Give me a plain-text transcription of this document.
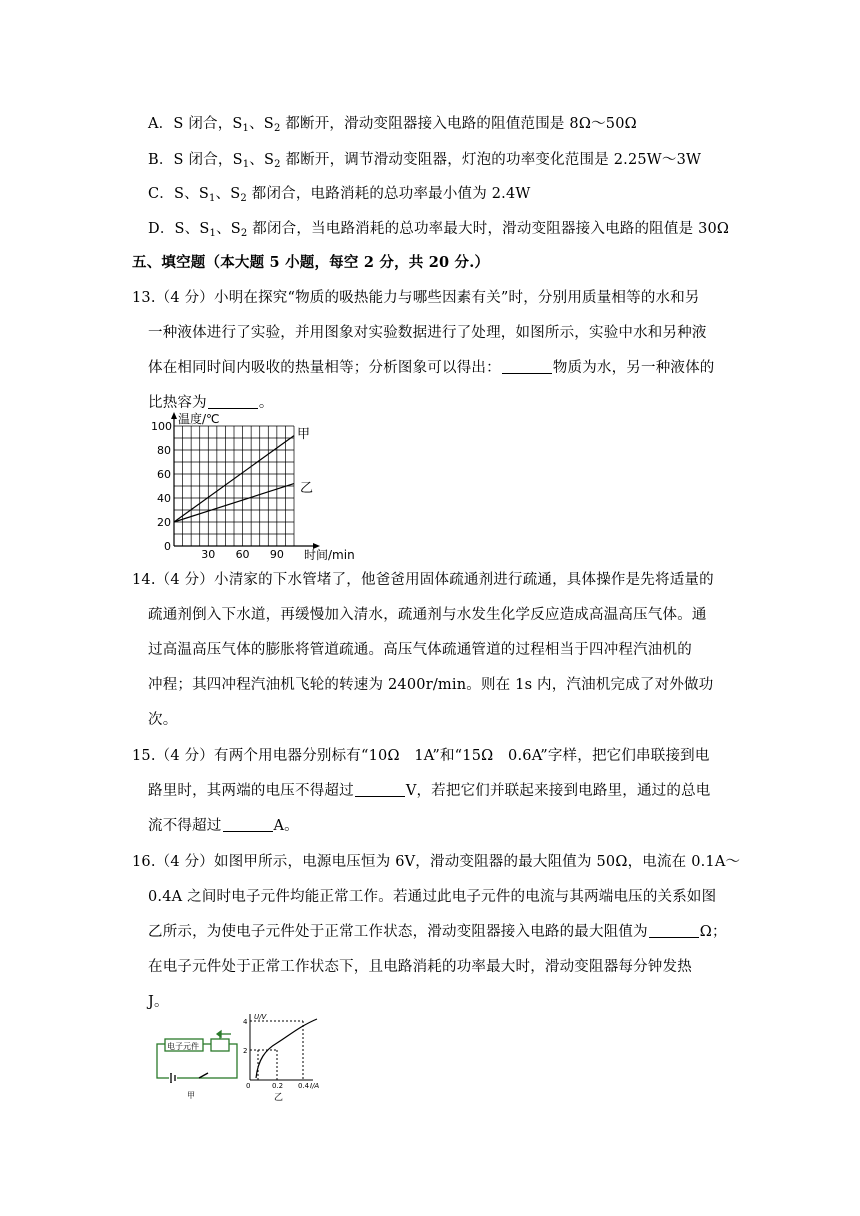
A．S 闭合，$S_1$、$S_2$ 都断开，滑动变阻器接入电路的阻值范围是 8Ω～50Ω
B．S 闭合，$S_1$、$S_2$ 都断开，调节滑动变阻器，灯泡的功率变化范围是 2.25W～3W
C．S、$S_1$、$S_2$ 都闭合，电路消耗的总功率最小值为 2.4W
D．S、$S_1$、$S_2$ 都闭合，当电路消耗的总功率最大时，滑动变阻器接入电路的阻值是 30Ω
五、填空题（本大题 5 小题，每空 2 分，共 20 分.）
13.（4 分）小明在探究“物质的吸热能力与哪些因素有关”时，分别用质量相等的水和另
一种液体进行了实验，并用图象对实验数据进行了处理，如图所示，实验中水和另种液
体在相同时间内吸收的热量相等；分析图象可以得出：	物质为水，另一种液体的
比热容为	。
温度/℃
时间/min
100
80
60
40
20
0
30 60 90
甲
乙
14.（4 分）小清家的下水管堵了，他爸爸用固体疏通剂进行疏通，具体操作是先将适量的
疏通剂倒入下水道，再缓慢加入清水，疏通剂与水发生化学反应造成高温高压气体。通
过高温高压气体的膨胀将管道疏通。高压气体疏通管道的过程相当于四冲程汽油机的
冲程；其四冲程汽油机飞轮的转速为 2400r/min。则在 1s 内，汽油机完成了对外做功
次。
15.（4 分）有两个用电器分别标有“10Ω　1A”和“15Ω　0.6A”字样，把它们串联接到电
路里时，其两端的电压不得超过	V，若把它们并联起来接到电路里，通过的总电
流不得超过	A。
16.（4 分）如图甲所示，电源电压恒为 6V，滑动变阻器的最大阻值为 50Ω，电流在 0.1A～
0.4A 之间时电子元件均能正常工作。若通过此电子元件的电流与其两端电压的关系如图
乙所示，为使电子元件处于正常工作状态，滑动变阻器接入电路的最大阻值为	Ω；
在电子元件处于正常工作状态下，且电路消耗的功率最大时，滑动变阻器每分钟发热
J。
电子元件
甲
U/V
I/A
4
2
0	0.2 0.4
乙
